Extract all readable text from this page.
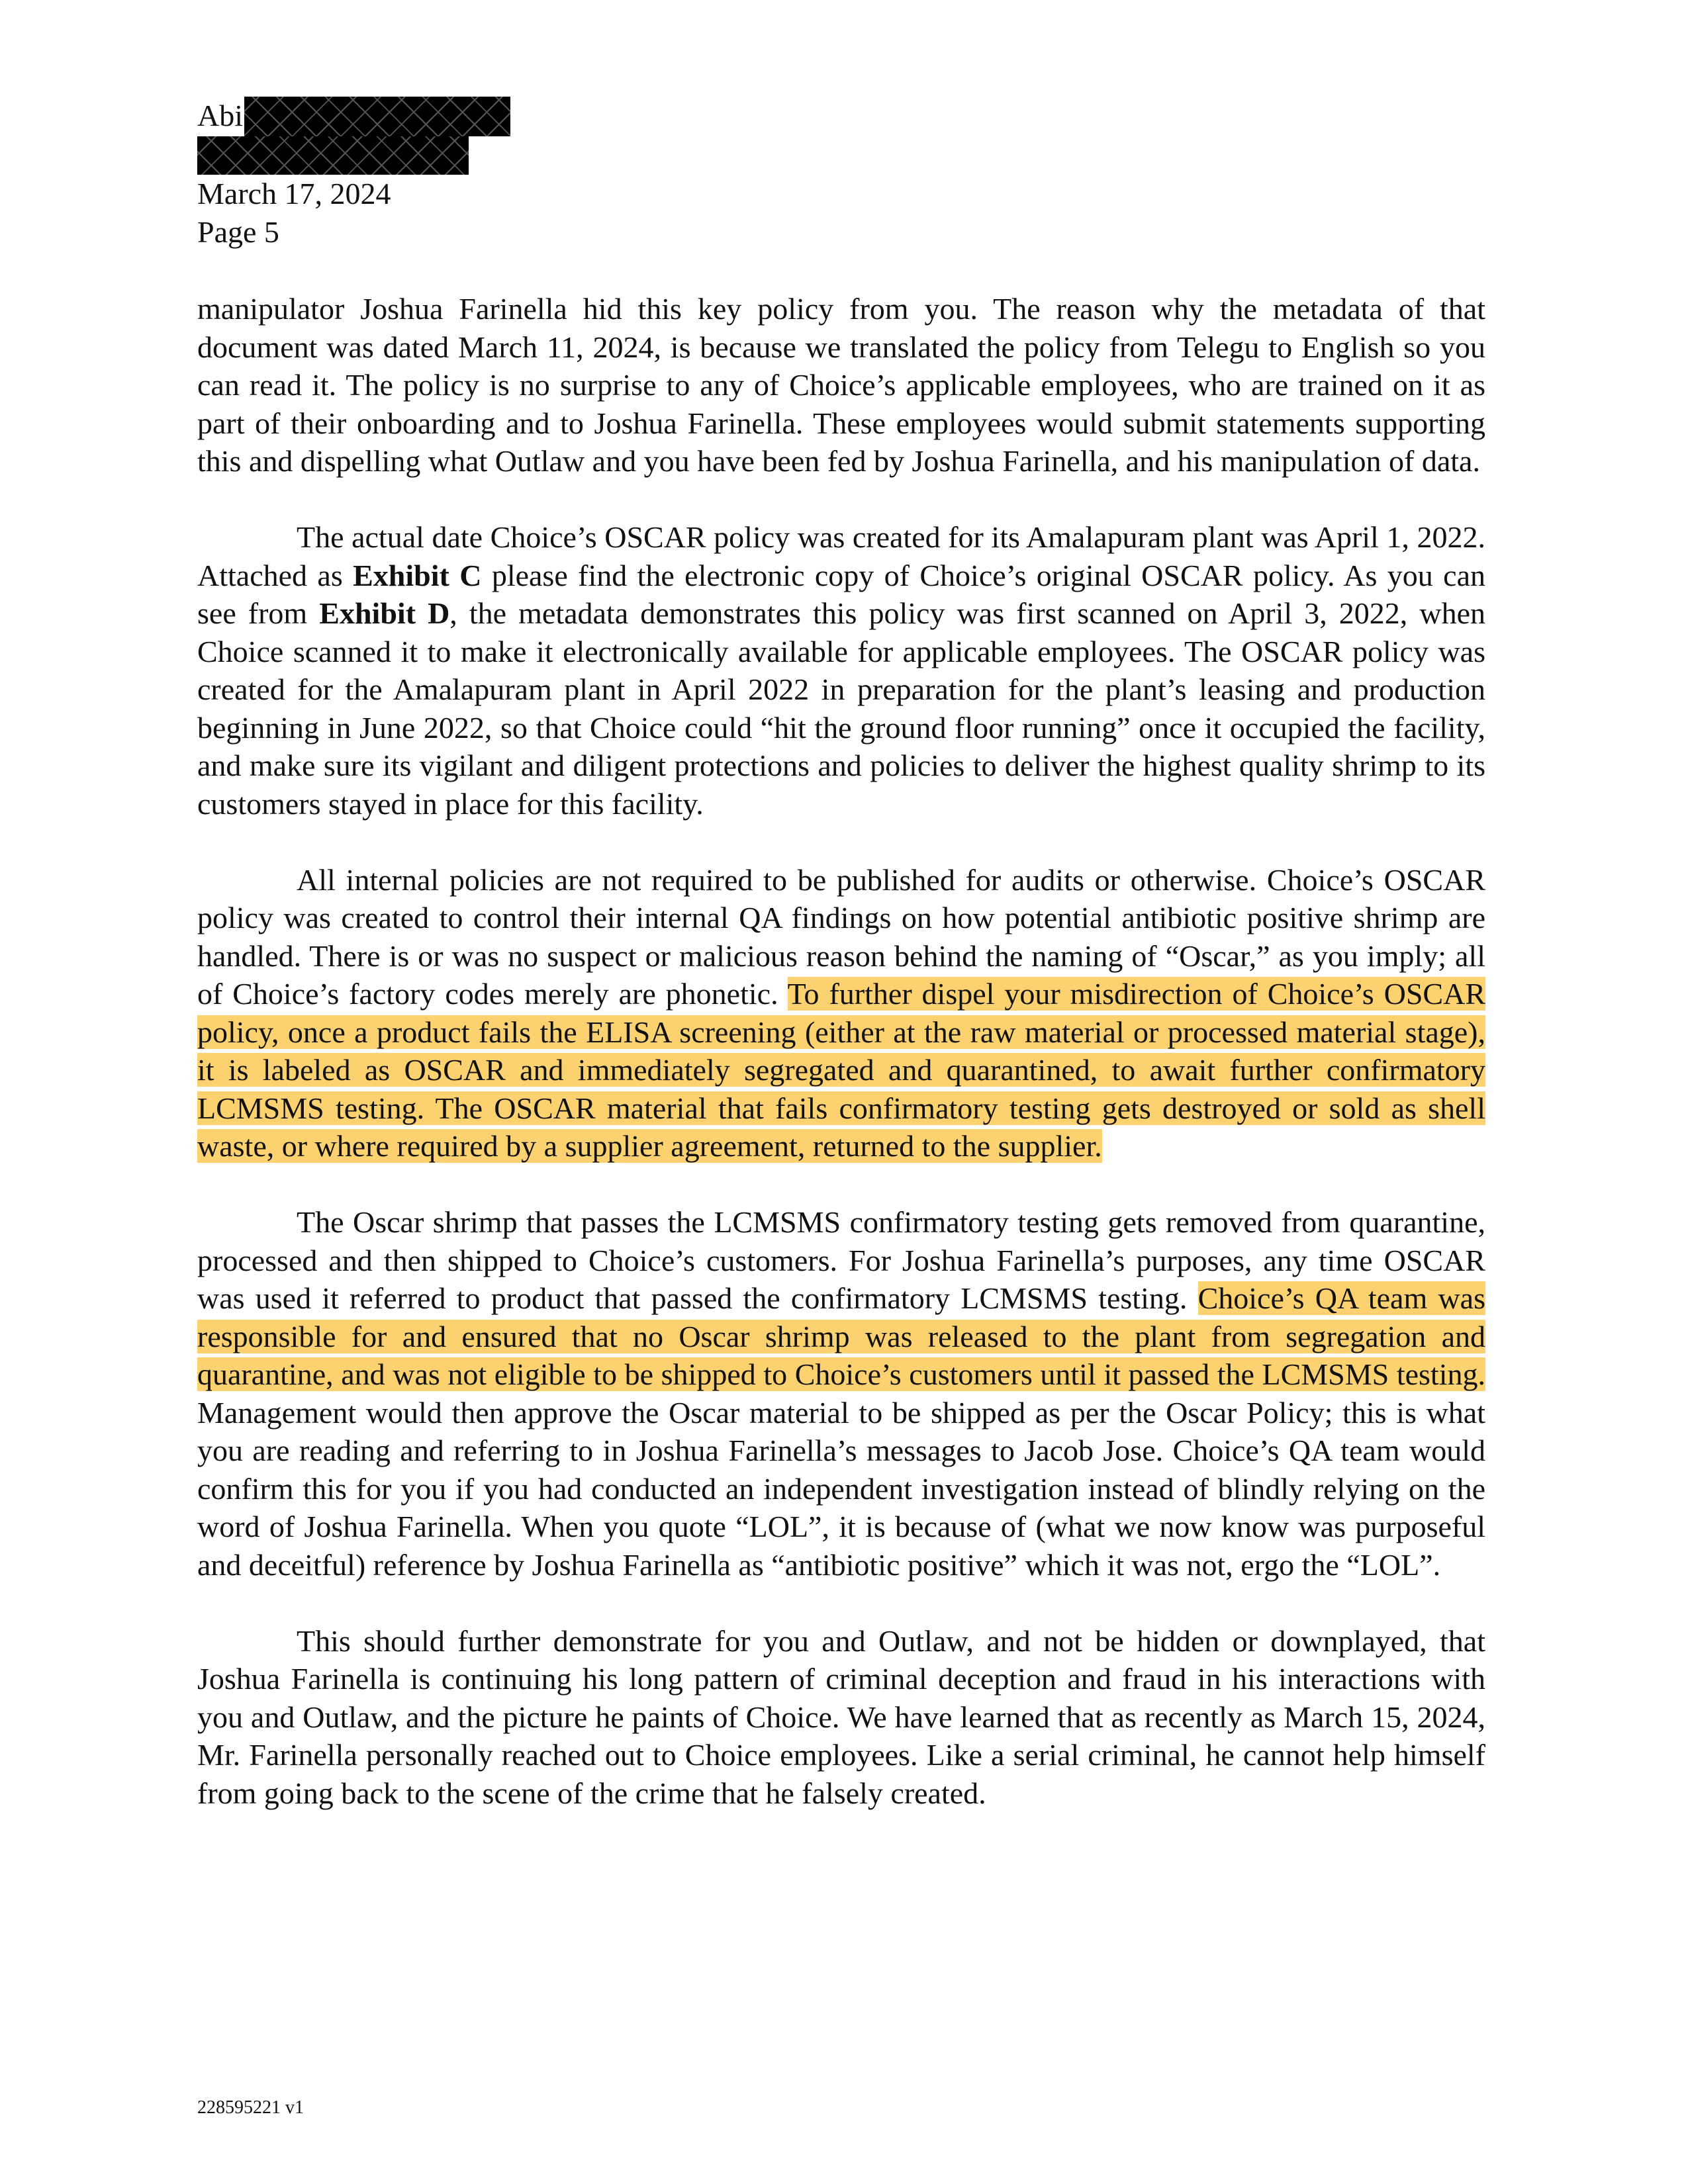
Abi
March 17, 2024
Page 5

manipulator Joshua Farinella hid this key policy from you. The reason why the metadata of that document was dated March 11, 2024, is because we translated the policy from Telegu to English so you can read it. The policy is no surprise to any of Choice’s applicable employees, who are trained on it as part of their onboarding and to Joshua Farinella. These employees would submit statements supporting this and dispelling what Outlaw and you have been fed by Joshua Farinella, and his manipulation of data.

The actual date Choice’s OSCAR policy was created for its Amalapuram plant was April 1, 2022. Attached as Exhibit C please find the electronic copy of Choice’s original OSCAR policy. As you can see from Exhibit D, the metadata demonstrates this policy was first scanned on April 3, 2022, when Choice scanned it to make it electronically available for applicable employees. The OSCAR policy was created for the Amalapuram plant in April 2022 in preparation for the plant’s leasing and production beginning in June 2022, so that Choice could “hit the ground floor running” once it occupied the facility, and make sure its vigilant and diligent protections and policies to deliver the highest quality shrimp to its customers stayed in place for this facility.

All internal policies are not required to be published for audits or otherwise. Choice’s OSCAR policy was created to control their internal QA findings on how potential antibiotic positive shrimp are handled. There is or was no suspect or malicious reason behind the naming of “Oscar,” as you imply; all of Choice’s factory codes merely are phonetic. To further dispel your misdirection of Choice’s OSCAR policy, once a product fails the ELISA screening (either at the raw material or processed material stage), it is labeled as OSCAR and immediately segregated and quarantined, to await further confirmatory LCMSMS testing. The OSCAR material that fails confirmatory testing gets destroyed or sold as shell waste, or where required by a supplier agreement, returned to the supplier.

The Oscar shrimp that passes the LCMSMS confirmatory testing gets removed from quarantine, processed and then shipped to Choice’s customers. For Joshua Farinella’s purposes, any time OSCAR was used it referred to product that passed the confirmatory LCMSMS testing. Choice’s QA team was responsible for and ensured that no Oscar shrimp was released to the plant from segregation and quarantine, and was not eligible to be shipped to Choice’s customers until it passed the LCMSMS testing. Management would then approve the Oscar material to be shipped as per the Oscar Policy; this is what you are reading and referring to in Joshua Farinella’s messages to Jacob Jose. Choice’s QA team would confirm this for you if you had conducted an independent investigation instead of blindly relying on the word of Joshua Farinella. When you quote “LOL”, it is because of (what we now know was purposeful and deceitful) reference by Joshua Farinella as “antibiotic positive” which it was not, ergo the “LOL”.

This should further demonstrate for you and Outlaw, and not be hidden or downplayed, that Joshua Farinella is continuing his long pattern of criminal deception and fraud in his interactions with you and Outlaw, and the picture he paints of Choice. We have learned that as recently as March 15, 2024, Mr. Farinella personally reached out to Choice employees. Like a serial criminal, he cannot help himself from going back to the scene of the crime that he falsely created.

228595221 v1
